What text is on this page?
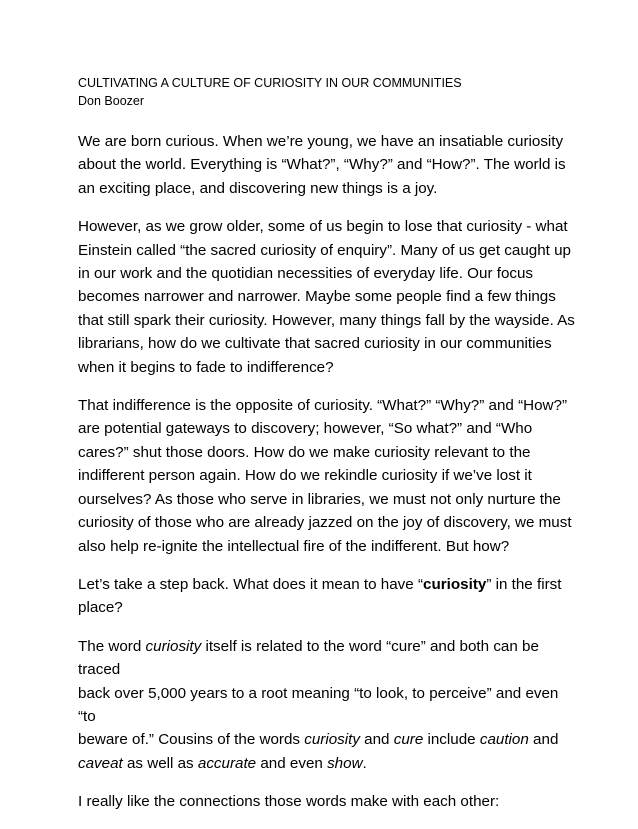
CULTIVATING A CULTURE OF CURIOSITY IN OUR COMMUNITIES
Don Boozer

We are born curious. When we’re young, we have an insatiable curiosity
about the world. Everything is “What?”, “Why?” and “How?”. The world is
an exciting place, and discovering new things is a joy.

However, as we grow older, some of us begin to lose that curiosity - what
Einstein called “the sacred curiosity of enquiry”. Many of us get caught up
in our work and the quotidian necessities of everyday life. Our focus
becomes narrower and narrower. Maybe some people find a few things
that still spark their curiosity. However, many things fall by the wayside. As
librarians, how do we cultivate that sacred curiosity in our communities
when it begins to fade to indifference?

That indifference is the opposite of curiosity. “What?” “Why?” and “How?”
are potential gateways to discovery; however, “So what?” and “Who
cares?” shut those doors. How do we make curiosity relevant to the
indifferent person again. How do we rekindle curiosity if we’ve lost it
ourselves? As those who serve in libraries, we must not only nurture the
curiosity of those who are already jazzed on the joy of discovery, we must
also help re-ignite the intellectual fire of the indifferent. But how?

Let’s take a step back. What does it mean to have “curiosity” in the first
place?

The word curiosity itself is related to the word “cure” and both can be traced
back over 5,000 years to a root meaning “to look, to perceive” and even “to
beware of.” Cousins of the words curiosity and cure include caution and
caveat as well as accurate and even show.

I really like the connections those words make with each other:
